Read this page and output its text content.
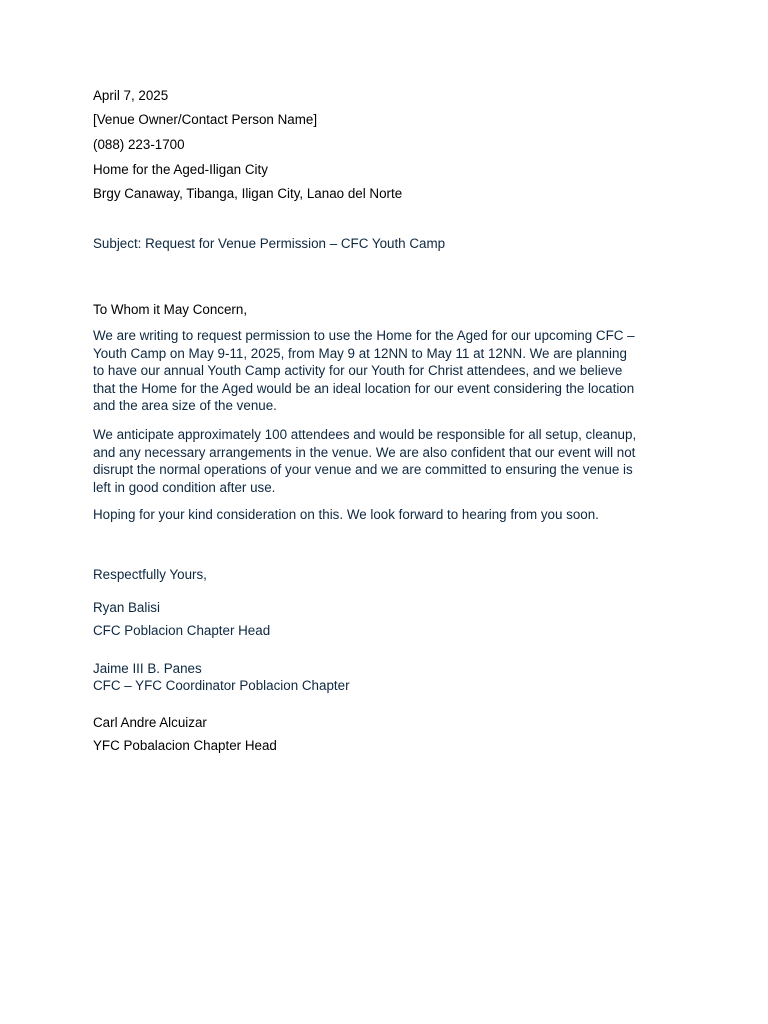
April 7, 2025
[Venue Owner/Contact Person Name]
(088) 223-1700
Home for the Aged-Iligan City
Brgy Canaway, Tibanga, Iligan City, Lanao del Norte
Subject: Request for Venue Permission – CFC Youth Camp
To Whom it May Concern,
We are writing to request permission to use the Home for the Aged for our upcoming CFC –
Youth Camp on May 9-11, 2025, from May 9 at 12NN to May 11 at 12NN. We are planning
to have our annual Youth Camp activity for our Youth for Christ attendees, and we believe
that the Home for the Aged would be an ideal location for our event considering the location
and the area size of the venue.
We anticipate approximately 100 attendees and would be responsible for all setup, cleanup,
and any necessary arrangements in the venue. We are also confident that our event will not
disrupt the normal operations of your venue and we are committed to ensuring the venue is
left in good condition after use.
Hoping for your kind consideration on this. We look forward to hearing from you soon.
Respectfully Yours,
Ryan Balisi
CFC Poblacion Chapter Head
Jaime III B. Panes
CFC – YFC Coordinator Poblacion Chapter
Carl Andre Alcuizar
YFC Pobalacion Chapter Head
